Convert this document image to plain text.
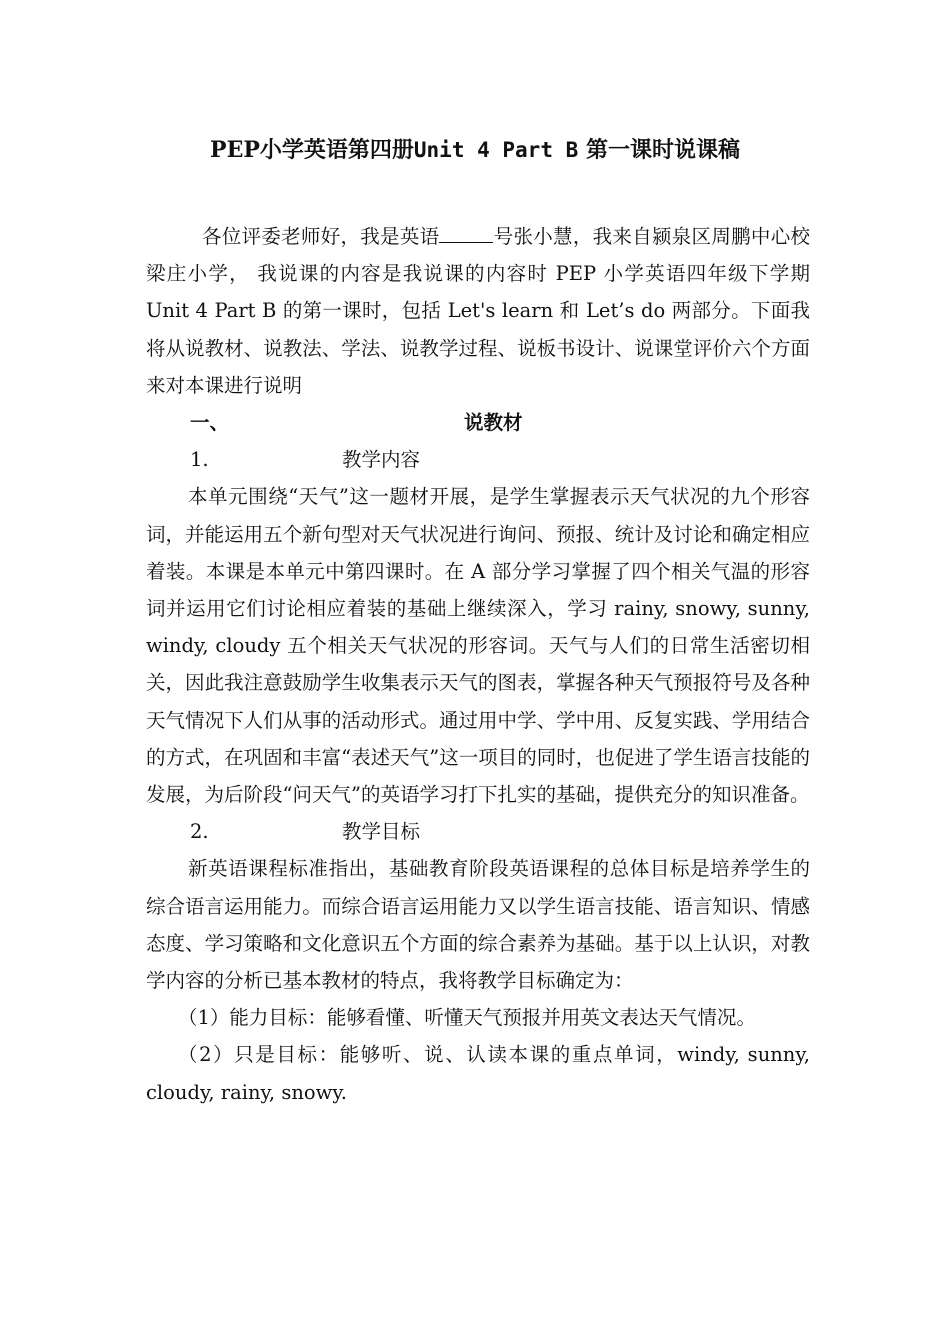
PEP小学英语第四册Unit 4 Part B 第一课时说课稿

各位评委老师好，我是英语	号张小慧，我来自颍泉区周鹏中心校梁庄小学， 我说课的内容是我说课的内容时 PEP 小学英语四年级下学期 Unit 4 Part B 的第一课时，包括 Let's learn 和 Let’s do 两部分。下面我将从说教材、说教法、学法、说教学过程、说板书设计、说课堂评价六个方面来对本课进行说明

一、	说教材
1.	教学内容

本单元围绕“天气”这一题材开展，是学生掌握表示天气状况的九个形容词，并能运用五个新句型对天气状况进行询问、预报、统计及讨论和确定相应着装。本课是本单元中第四课时。在 A 部分学习掌握了四个相关气温的形容词并运用它们讨论相应着装的基础上继续深入，学习 rainy, snowy, sunny, windy, cloudy 五个相关天气状况的形容词。天气与人们的日常生活密切相关，因此我注意鼓励学生收集表示天气的图表，掌握各种天气预报符号及各种天气情况下人们从事的活动形式。通过用中学、学中用、反复实践、学用结合的方式，在巩固和丰富“表述天气”这一项目的同时，也促进了学生语言技能的发展，为后阶段“问天气”的英语学习打下扎实的基础，提供充分的知识准备。

2.	教学目标

新英语课程标准指出，基础教育阶段英语课程的总体目标是培养学生的综合语言运用能力。而综合语言运用能力又以学生语言技能、语言知识、情感态度、学习策略和文化意识五个方面的综合素养为基础。基于以上认识，对教学内容的分析已基本教材的特点，我将教学目标确定为：

（1）能力目标：能够看懂、听懂天气预报并用英文表达天气情况。

（2）只是目标：能够听、说、认读本课的重点单词，windy, sunny, cloudy, rainy, snowy.
